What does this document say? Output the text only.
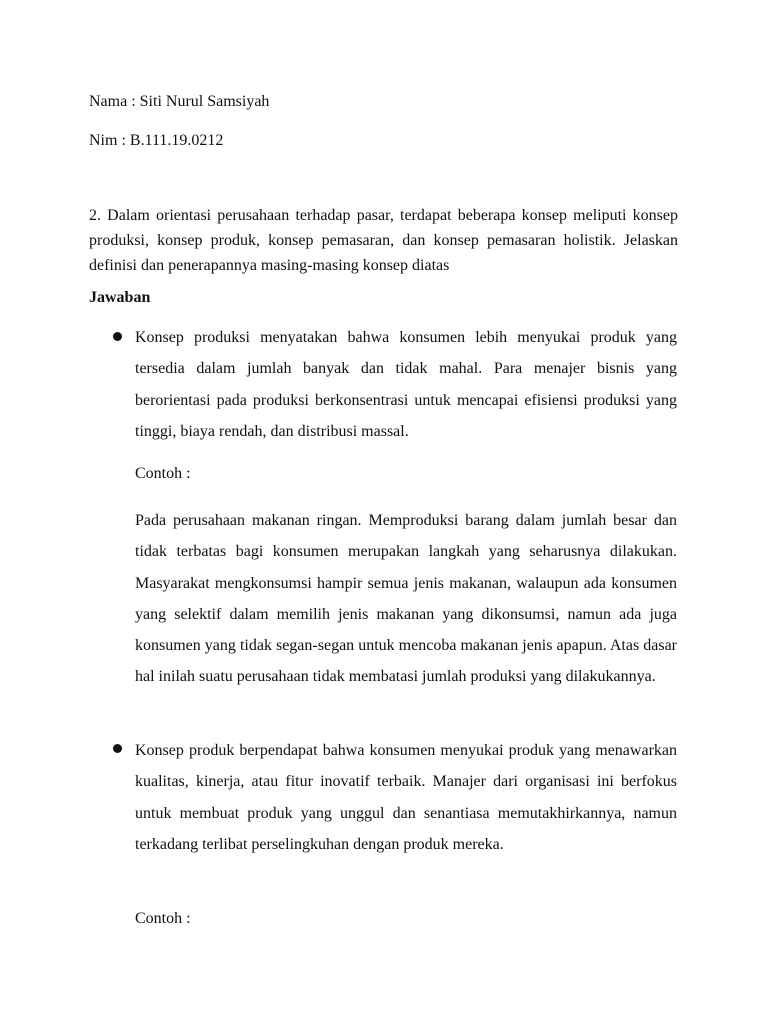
Nama : Siti Nurul Samsiyah

Nim : B.111.19.0212

2. Dalam orientasi perusahaan terhadap pasar, terdapat beberapa konsep meliputi konsep produksi, konsep produk, konsep pemasaran, dan konsep pemasaran holistik. Jelaskan definisi dan penerapannya masing-masing konsep diatas

Jawaban

Konsep produksi menyatakan bahwa konsumen lebih menyukai produk yang tersedia dalam jumlah banyak dan tidak mahal. Para menajer bisnis yang berorientasi pada produksi berkonsentrasi untuk mencapai efisiensi produksi yang tinggi, biaya rendah, dan distribusi massal.

Contoh :

Pada perusahaan makanan ringan. Memproduksi barang dalam jumlah besar dan tidak terbatas bagi konsumen merupakan langkah yang seharusnya dilakukan. Masyarakat mengkonsumsi hampir semua jenis makanan, walaupun ada konsumen yang selektif dalam memilih jenis makanan yang dikonsumsi, namun ada juga konsumen yang tidak segan-segan untuk mencoba makanan jenis apapun. Atas dasar hal inilah suatu perusahaan tidak membatasi jumlah produksi yang dilakukannya.

Konsep produk berpendapat bahwa konsumen menyukai produk yang menawarkan kualitas, kinerja, atau fitur inovatif terbaik. Manajer dari organisasi ini berfokus untuk membuat produk yang unggul dan senantiasa memutakhirkannya, namun terkadang terlibat perselingkuhan dengan produk mereka.

Contoh :
